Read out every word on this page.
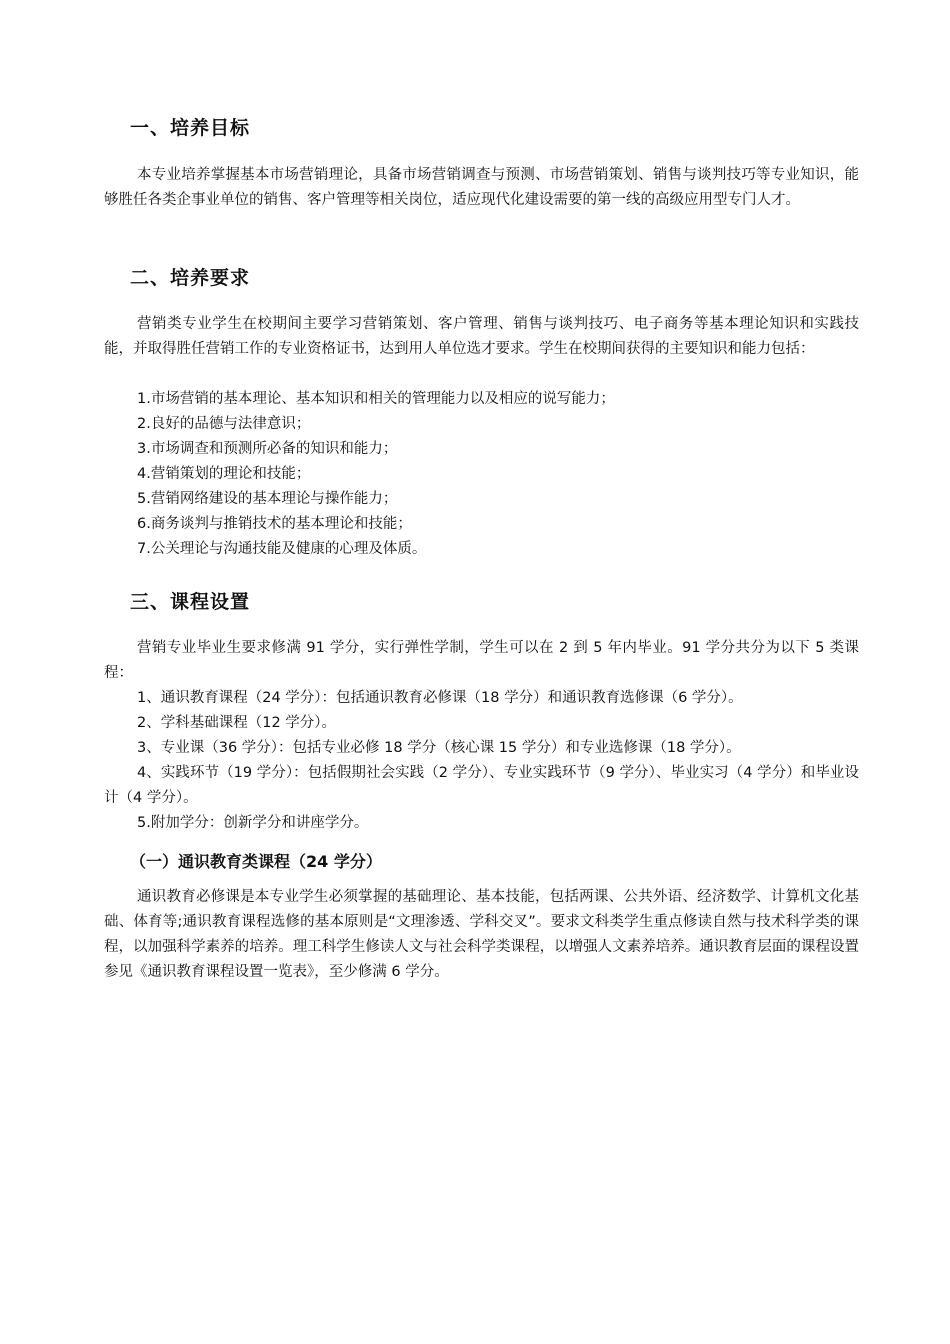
一、培养目标
本专业培养掌握基本市场营销理论，具备市场营销调查与预测、市场营销策划、销售与谈判技巧等专业知识，能够胜任各类企事业单位的销售、客户管理等相关岗位，适应现代化建设需要的第一线的高级应用型专门人才。
二、培养要求
营销类专业学生在校期间主要学习营销策划、客户管理、销售与谈判技巧、电子商务等基本理论知识和实践技能，并取得胜任营销工作的专业资格证书，达到用人单位选才要求。学生在校期间获得的主要知识和能力包括：
1.市场营销的基本理论、基本知识和相关的管理能力以及相应的说写能力；
2.良好的品德与法律意识；
3.市场调查和预测所必备的知识和能力；
4.营销策划的理论和技能；
5.营销网络建设的基本理论与操作能力；
6.商务谈判与推销技术的基本理论和技能；
7.公关理论与沟通技能及健康的心理及体质。
三、课程设置
营销专业毕业生要求修满 91 学分，实行弹性学制，学生可以在 2 到 5 年内毕业。91 学分共分为以下 5 类课程：
1、通识教育课程（24 学分）：包括通识教育必修课（18 学分）和通识教育选修课（6 学分）。
2、学科基础课程（12 学分）。
3、专业课（36 学分）：包括专业必修 18 学分（核心课 15 学分）和专业选修课（18 学分）。
4、实践环节（19 学分）：包括假期社会实践（2 学分）、专业实践环节（9 学分）、毕业实习（4 学分）和毕业设计（4 学分）。
5.附加学分：创新学分和讲座学分。
（一）通识教育类课程（24 学分）
通识教育必修课是本专业学生必须掌握的基础理论、基本技能，包括两课、公共外语、经济数学、计算机文化基础、体育等;通识教育课程选修的基本原则是“文理渗透、学科交叉”。要求文科类学生重点修读自然与技术科学类的课程，以加强科学素养的培养。理工科学生修读人文与社会科学类课程，以增强人文素养培养。通识教育层面的课程设置参见《通识教育课程设置一览表》，至少修满 6 学分。
